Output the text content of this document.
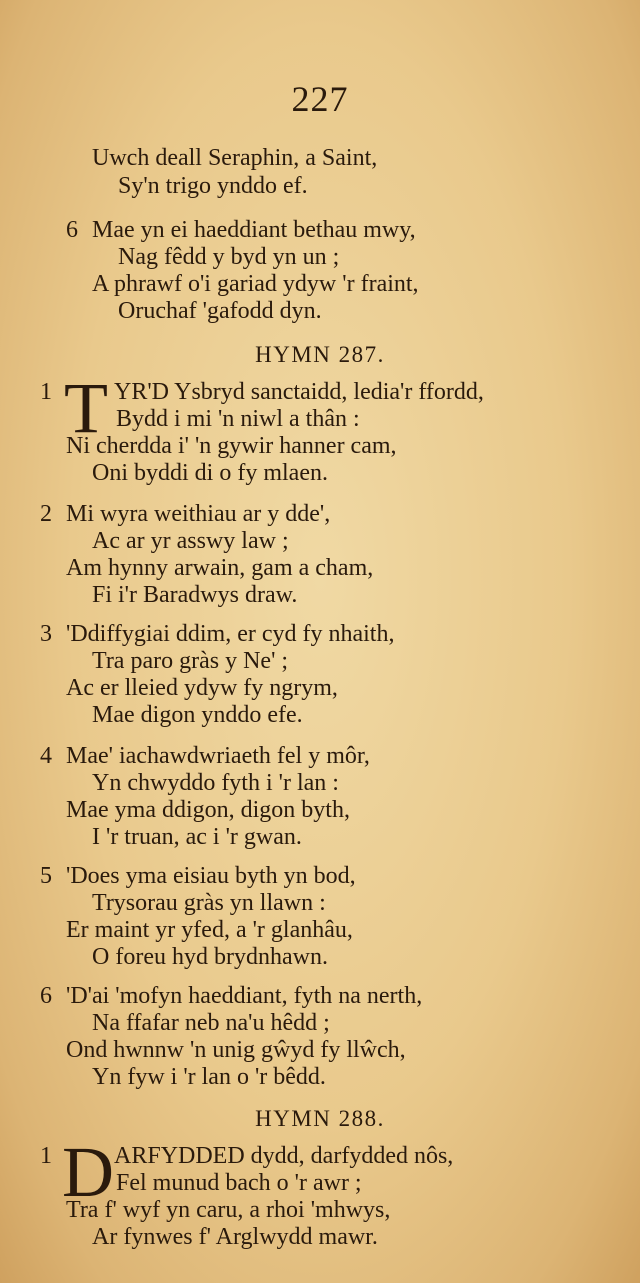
227
Uwch deall Seraphin, a Saint,
Sy'n trigo ynddo ef.
6 Mae yn ei haeddiant bethau mwy,
Nag fêdd y byd yn un ;
A phrawf o'i gariad ydyw 'r fraint,
Oruchaf 'gafodd dyn.
HYMN 287.
1 T YR'D Ysbryd sanctaidd, ledia'r ffordd,
Bydd i mi 'n niwl a thân :
Ni cherdda i' 'n gywir hanner cam,
Oni byddi di o fy mlaen.
2 Mi wyra weithiau ar y dde',
Ac ar yr asswy law ;
Am hynny arwain, gam a cham,
Fi i'r Baradwys draw.
3 'Ddiffygiai ddim, er cyd fy nhaith,
Tra paro gràs y Ne' ;
Ac er lleied ydyw fy ngrym,
Mae digon ynddo efe.
4 Mae' iachawdwriaeth fel y môr,
Yn chwyddo fyth i 'r lan :
Mae yma ddigon, digon byth,
I 'r truan, ac i 'r gwan.
5 'Does yma eisiau byth yn bod,
Trysorau gràs yn llawn :
Er maint yr yfed, a 'r glanhâu,
O foreu hyd brydnhawn.
6 'D'ai 'mofyn haeddiant, fyth na nerth,
Na ffafar neb na'u hêdd ;
Ond hwnnw 'n unig gŵyd fy llŵch,
Yn fyw i 'r lan o 'r bêdd.
HYMN 288.
1 D ARFYDDED dydd, darfydded nôs,
Fel munud bach o 'r awr ;
Tra f' wyf yn caru, a rhoi 'mhwys,
Ar fynwes f' Arglwydd mawr.
